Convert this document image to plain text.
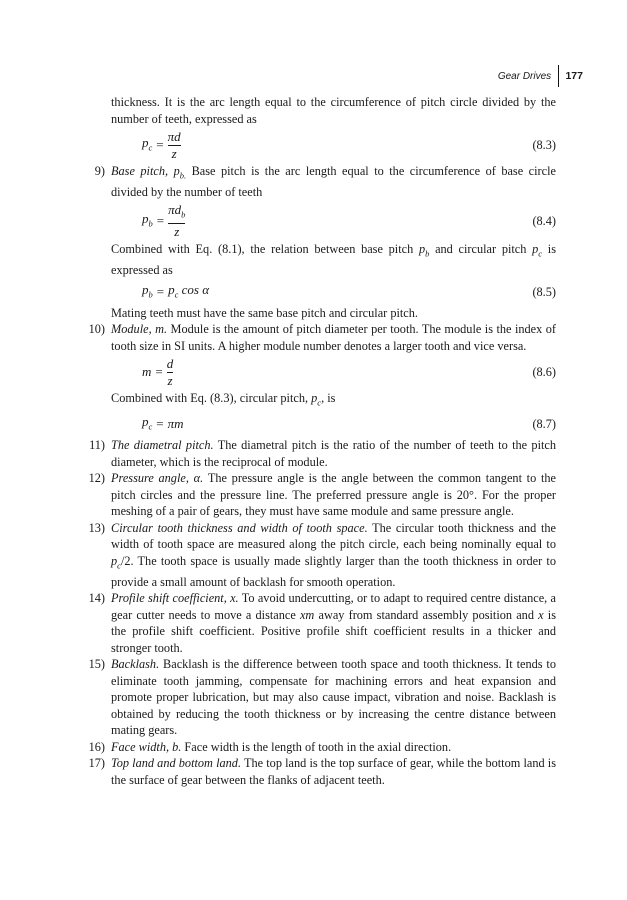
Gear Drives	177

thickness. It is the arc length equal to the circumference of pitch circle divided by the number of teeth, expressed as

$p_c = \frac{\pi d}{z}$	(8.3)
9) Base pitch, $p_{b.}$ Base pitch is the arc length equal to the circumference of base circle divided by the number of teeth
$p_b = \frac{\pi d_b}{z}$	(8.4)

Combined with Eq. (8.1), the relation between base pitch $p_b$ and circular pitch $p_c$ is expressed as

$p_b = p_c$ cos α	(8.5)

Mating teeth must have the same base pitch and circular pitch.

10) Module, m. Module is the amount of pitch diameter per tooth. The module is the index of tooth size in SI units. A higher module number denotes a larger tooth and vice versa.
$m = \frac{d}{z}$	(8.6)

Combined with Eq. (8.3), circular pitch, $p_c$, is

$p_c = \pi m$	(8.7)
11) The diametral pitch. The diametral pitch is the ratio of the number of teeth to the pitch diameter, which is the reciprocal of module.
12) Pressure angle, α. The pressure angle is the angle between the common tangent to the pitch circles and the pressure line. The preferred pressure angle is 20°. For the proper meshing of a pair of gears, they must have same module and same pressure angle.
13) Circular tooth thickness and width of tooth space. The circular tooth thickness and the width of tooth space are measured along the pitch circle, each being nominally equal to $p_c/2$. The tooth space is usually made slightly larger than the tooth thickness in order to provide a small amount of backlash for smooth operation.
14) Profile shift coefficient, x. To avoid undercutting, or to adapt to required centre distance, a gear cutter needs to move a distance xm away from standard assembly position and x is the profile shift coefficient. Positive profile shift coefficient results in a thicker and stronger tooth.
15) Backlash. Backlash is the difference between tooth space and tooth thickness. It tends to eliminate tooth jamming, compensate for machining errors and heat expansion and promote proper lubrication, but may also cause impact, vibration and noise. Backlash is obtained by reducing the tooth thickness or by increasing the centre distance between mating gears.
16) Face width, b. Face width is the length of tooth in the axial direction.
17) Top land and bottom land. The top land is the top surface of gear, while the bottom land is the surface of gear between the flanks of adjacent teeth.
